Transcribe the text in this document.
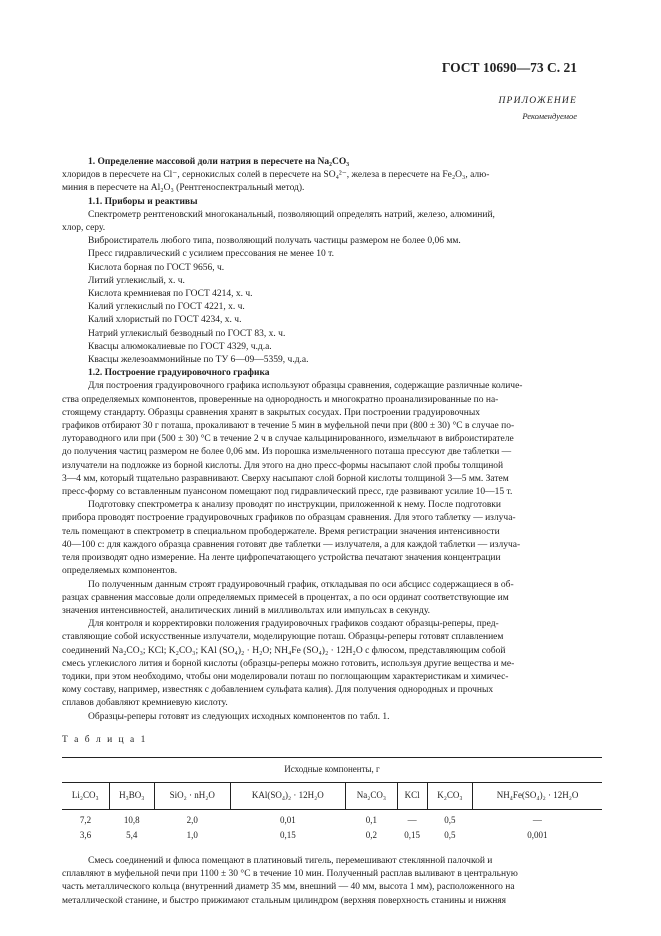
ГОСТ 10690—73 С. 21
ПРИЛОЖЕНИЕ
Рекомендуемое

1. Определение массовой доли натрия в пересчете на Na₂CO₃

хлоридов в пересчете на Cl⁻, сернокислых солей в пересчете на SO₄²⁻, железа в пересчете на Fe₂O₃, алю-

миния в пересчете на Al₂O₃ (Рентгеноспектральный метод).

1.1. Приборы и реактивы

Спектрометр рентгеновский многоканальный, позволяющий определять натрий, железо, алюминий,

хлор, серу.

Виброистиратель любого типа, позволяющий получать частицы размером не более 0,06 мм.

Пресс гидравлический с усилием прессования не менее 10 т.

Кислота борная по ГОСТ 9656, ч.

Литий углекислый, х. ч.

Кислота кремниевая по ГОСТ 4214, х. ч.

Калий углекислый по ГОСТ 4221, х. ч.

Калий хлористый по ГОСТ 4234, х. ч.

Натрий углекислый безводный по ГОСТ 83, х. ч.

Квасцы алюмокалиевые по ГОСТ 4329, ч.д.а.

Квасцы железоаммонийные по ТУ 6—09—5359, ч.д.а.

1.2. Построение градуировочного графика

Для построения градуировочного графика используют образцы сравнения, содержащие различные количе-

ства определяемых компонентов, проверенные на однородность и многократно проанализированные по на-

стоящему стандарту. Образцы сравнения хранят в закрытых сосудах. При построении градуировочных

графиков отбирают 30 г поташа, прокаливают в течение 5 мин в муфельной печи при (800 ± 30) °С в случае по-

лутораводного или при (500 ± 30) °С в течение 2 ч в случае кальцинированного, измельчают в виброистирателе

до получения частиц размером не более 0,06 мм. Из порошка измельченного поташа прессуют две таблетки —

излучатели на подложке из борной кислоты. Для этого на дно пресс-формы насыпают слой пробы толщиной

3—4 мм, который тщательно разравнивают. Сверху насыпают слой борной кислоты толщиной 3—5 мм. Затем

пресс-форму со вставленным пуансоном помещают под гидравлический пресс, где развивают усилие 10—15 т.

Подготовку спектрометра к анализу проводят по инструкции, приложенной к нему. После подготовки

прибора проводят построение градуировочных графиков по образцам сравнения. Для этого таблетку — излуча-

тель помещают в спектрометр в специальном прободержателе. Время регистрации значения интенсивности

40—100 с: для каждого образца сравнения готовят две таблетки — излучателя, а для каждой таблетки — излуча-

теля производят одно измерение. На ленте цифропечатающего устройства печатают значения концентрации

определяемых компонентов.

По полученным данным строят градуировочный график, откладывая по оси абсцисс содержащиеся в об-

разцах сравнения массовые доли определяемых примесей в процентах, а по оси ординат соответствующие им

значения интенсивностей, аналитических линий в милливольтах или импульсах в секунду.

Для контроля и корректировки положения градуировочных графиков создают образцы-реперы, пред-

ставляющие собой искусственные излучатели, моделирующие поташ. Образцы-реперы готовят сплавлением

соединений Na₂CO₃; KCl; K₂CO₃; KAl (SO₄)₂ · H₂O; NH₄Fe (SO₄)₂ · 12H₂O с флюсом, представляющим собой

смесь углекислого лития и борной кислоты (образцы-реперы можно готовить, используя другие вещества и ме-

тодики, при этом необходимо, чтобы они моделировали поташ по поглощающим характеристикам и химичес-

кому составу, например, известняк с добавлением сульфата калия). Для получения однородных и прочных

сплавов добавляют кремниевую кислоту.

Образцы-реперы готовят из следующих исходных компонентов по табл. 1.

Т а б л и ц а 1

Исходные компоненты, г							
Li₂CO₃	H₃BO₃	SiO₂ · nH₂O	KAl(SO₄)₂ · 12H₂O	Na₂CO₃	KCl	K₂CO₃	NH₄Fe(SO₄)₂ · 12H₂O
7,2	10,8	2,0	0,01	0,1	—	0,5	—
3,6	5,4	1,0	0,15	0,2	0,15	0,5	0,001

Смесь соединений и флюса помещают в платиновый тигель, перемешивают стеклянной палочкой и

сплавляют в муфельной печи при 1100 ± 30 °С в течение 10 мин. Полученный расплав выливают в центральную

часть металлического кольца (внутренний диаметр 35 мм, внешний — 40 мм, высота 1 мм), расположенного на

металлической станине, и быстро прижимают стальным цилиндром (верхняя поверхность станины и нижняя
